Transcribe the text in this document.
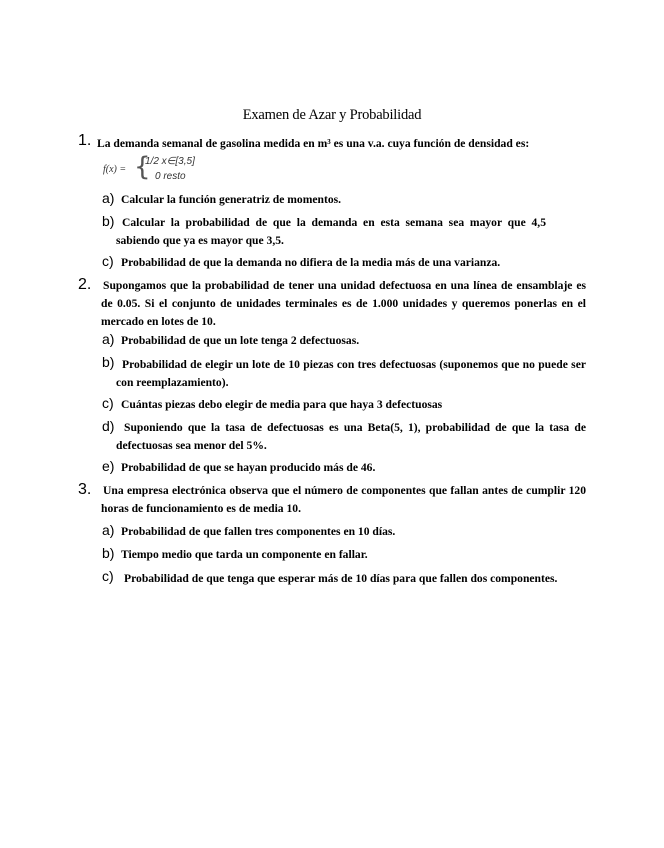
Examen de Azar y Probabilidad
1. La demanda semanal de gasolina medida en m³ es una v.a. cuya función de densidad es:
f(x) = {
1/2 x∈[3,5]
0 resto
a) Calcular la función generatriz de momentos.
b) Calcular la probabilidad de que la demanda en esta semana sea mayor que 4,5 sabiendo que ya es mayor que 3,5.
c) Probabilidad de que la demanda no difiera de la media más de una varianza.
2. Supongamos que la probabilidad de tener una unidad defectuosa en una línea de ensamblaje es de 0.05. Si el conjunto de unidades terminales es de 1.000 unidades y queremos ponerlas en el mercado en lotes de 10.
a) Probabilidad de que un lote tenga 2 defectuosas.
b) Probabilidad de elegir un lote de 10 piezas con tres defectuosas (suponemos que no puede ser con reemplazamiento).
c) Cuántas piezas debo elegir de media para que haya 3 defectuosas
d) Suponiendo que la tasa de defectuosas es una Beta(5, 1), probabilidad de que la tasa de defectuosas sea menor del 5%.
e) Probabilidad de que se hayan producido más de 46.
3. Una empresa electrónica observa que el número de componentes que fallan antes de cumplir 120 horas de funcionamiento es de media 10.
a) Probabilidad de que fallen tres componentes en 10 días.
b) Tiempo medio que tarda un componente en fallar.
c) Probabilidad de que tenga que esperar más de 10 días para que fallen dos componentes.
